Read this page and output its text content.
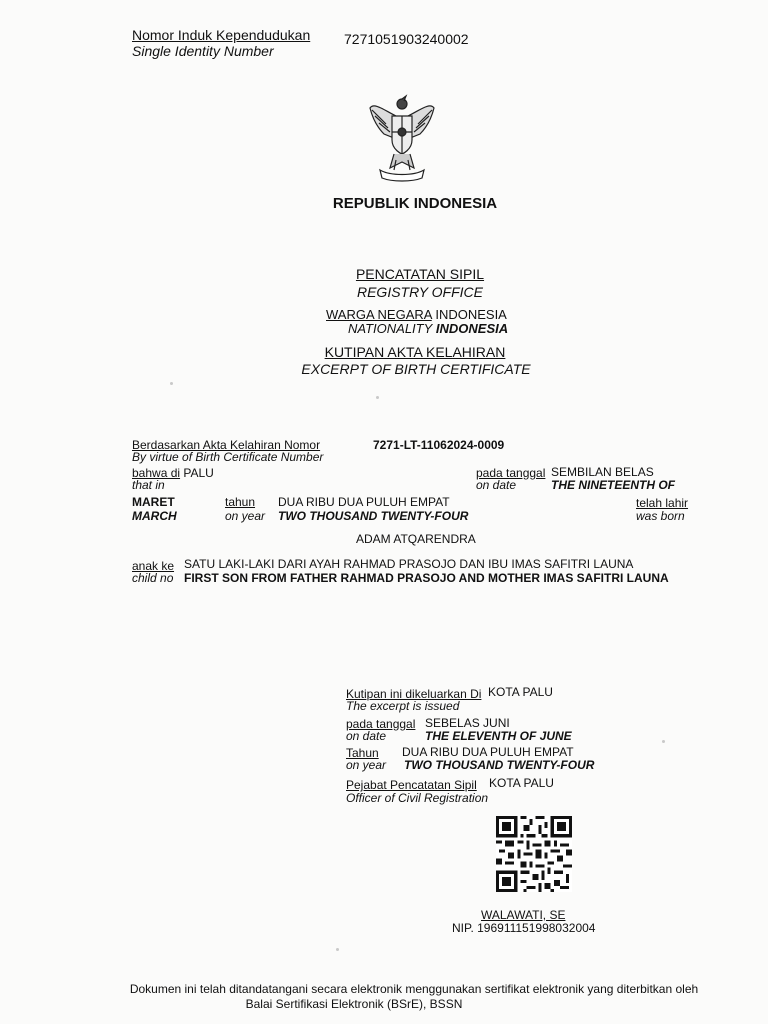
Nomor Induk Kependudukan
Single Identity Number
7271051903240002
REPUBLIK INDONESIA
PENCATATAN SIPIL
REGISTRY OFFICE
WARGA NEGARA INDONESIA
NATIONALITY INDONESIA
KUTIPAN AKTA KELAHIRAN
EXCERPT OF BIRTH CERTIFICATE
Berdasarkan Akta Kelahiran Nomor
By virtue of Birth Certificate Number
7271-LT-11062024-0009
bahwa di PALU
that in
pada tanggal
on date
SEMBILAN BELAS
THE NINETEENTH OF
MARET
MARCH
tahun
on year
DUA RIBU DUA PULUH EMPAT
TWO THOUSAND TWENTY-FOUR
telah lahir
was born
ADAM ATQARENDRA
anak ke
child no
SATU LAKI-LAKI DARI AYAH RAHMAD PRASOJO DAN IBU IMAS SAFITRI LAUNA
FIRST SON FROM FATHER RAHMAD PRASOJO AND MOTHER IMAS SAFITRI LAUNA
Kutipan ini dikeluarkan Di KOTA PALU
The excerpt is issued
pada tanggal
on date
SEBELAS JUNI
THE ELEVENTH OF JUNE
Tahun
on year
DUA RIBU DUA PULUH EMPAT
TWO THOUSAND TWENTY-FOUR
Pejabat Pencatatan Sipil KOTA PALU
Officer of Civil Registration
WALAWATI, SE
NIP. 196911151998032004
Dokumen ini telah ditandatangani secara elektronik menggunakan sertifikat elektronik yang diterbitkan oleh
Balai Sertifikasi Elektronik (BSrE), BSSN
